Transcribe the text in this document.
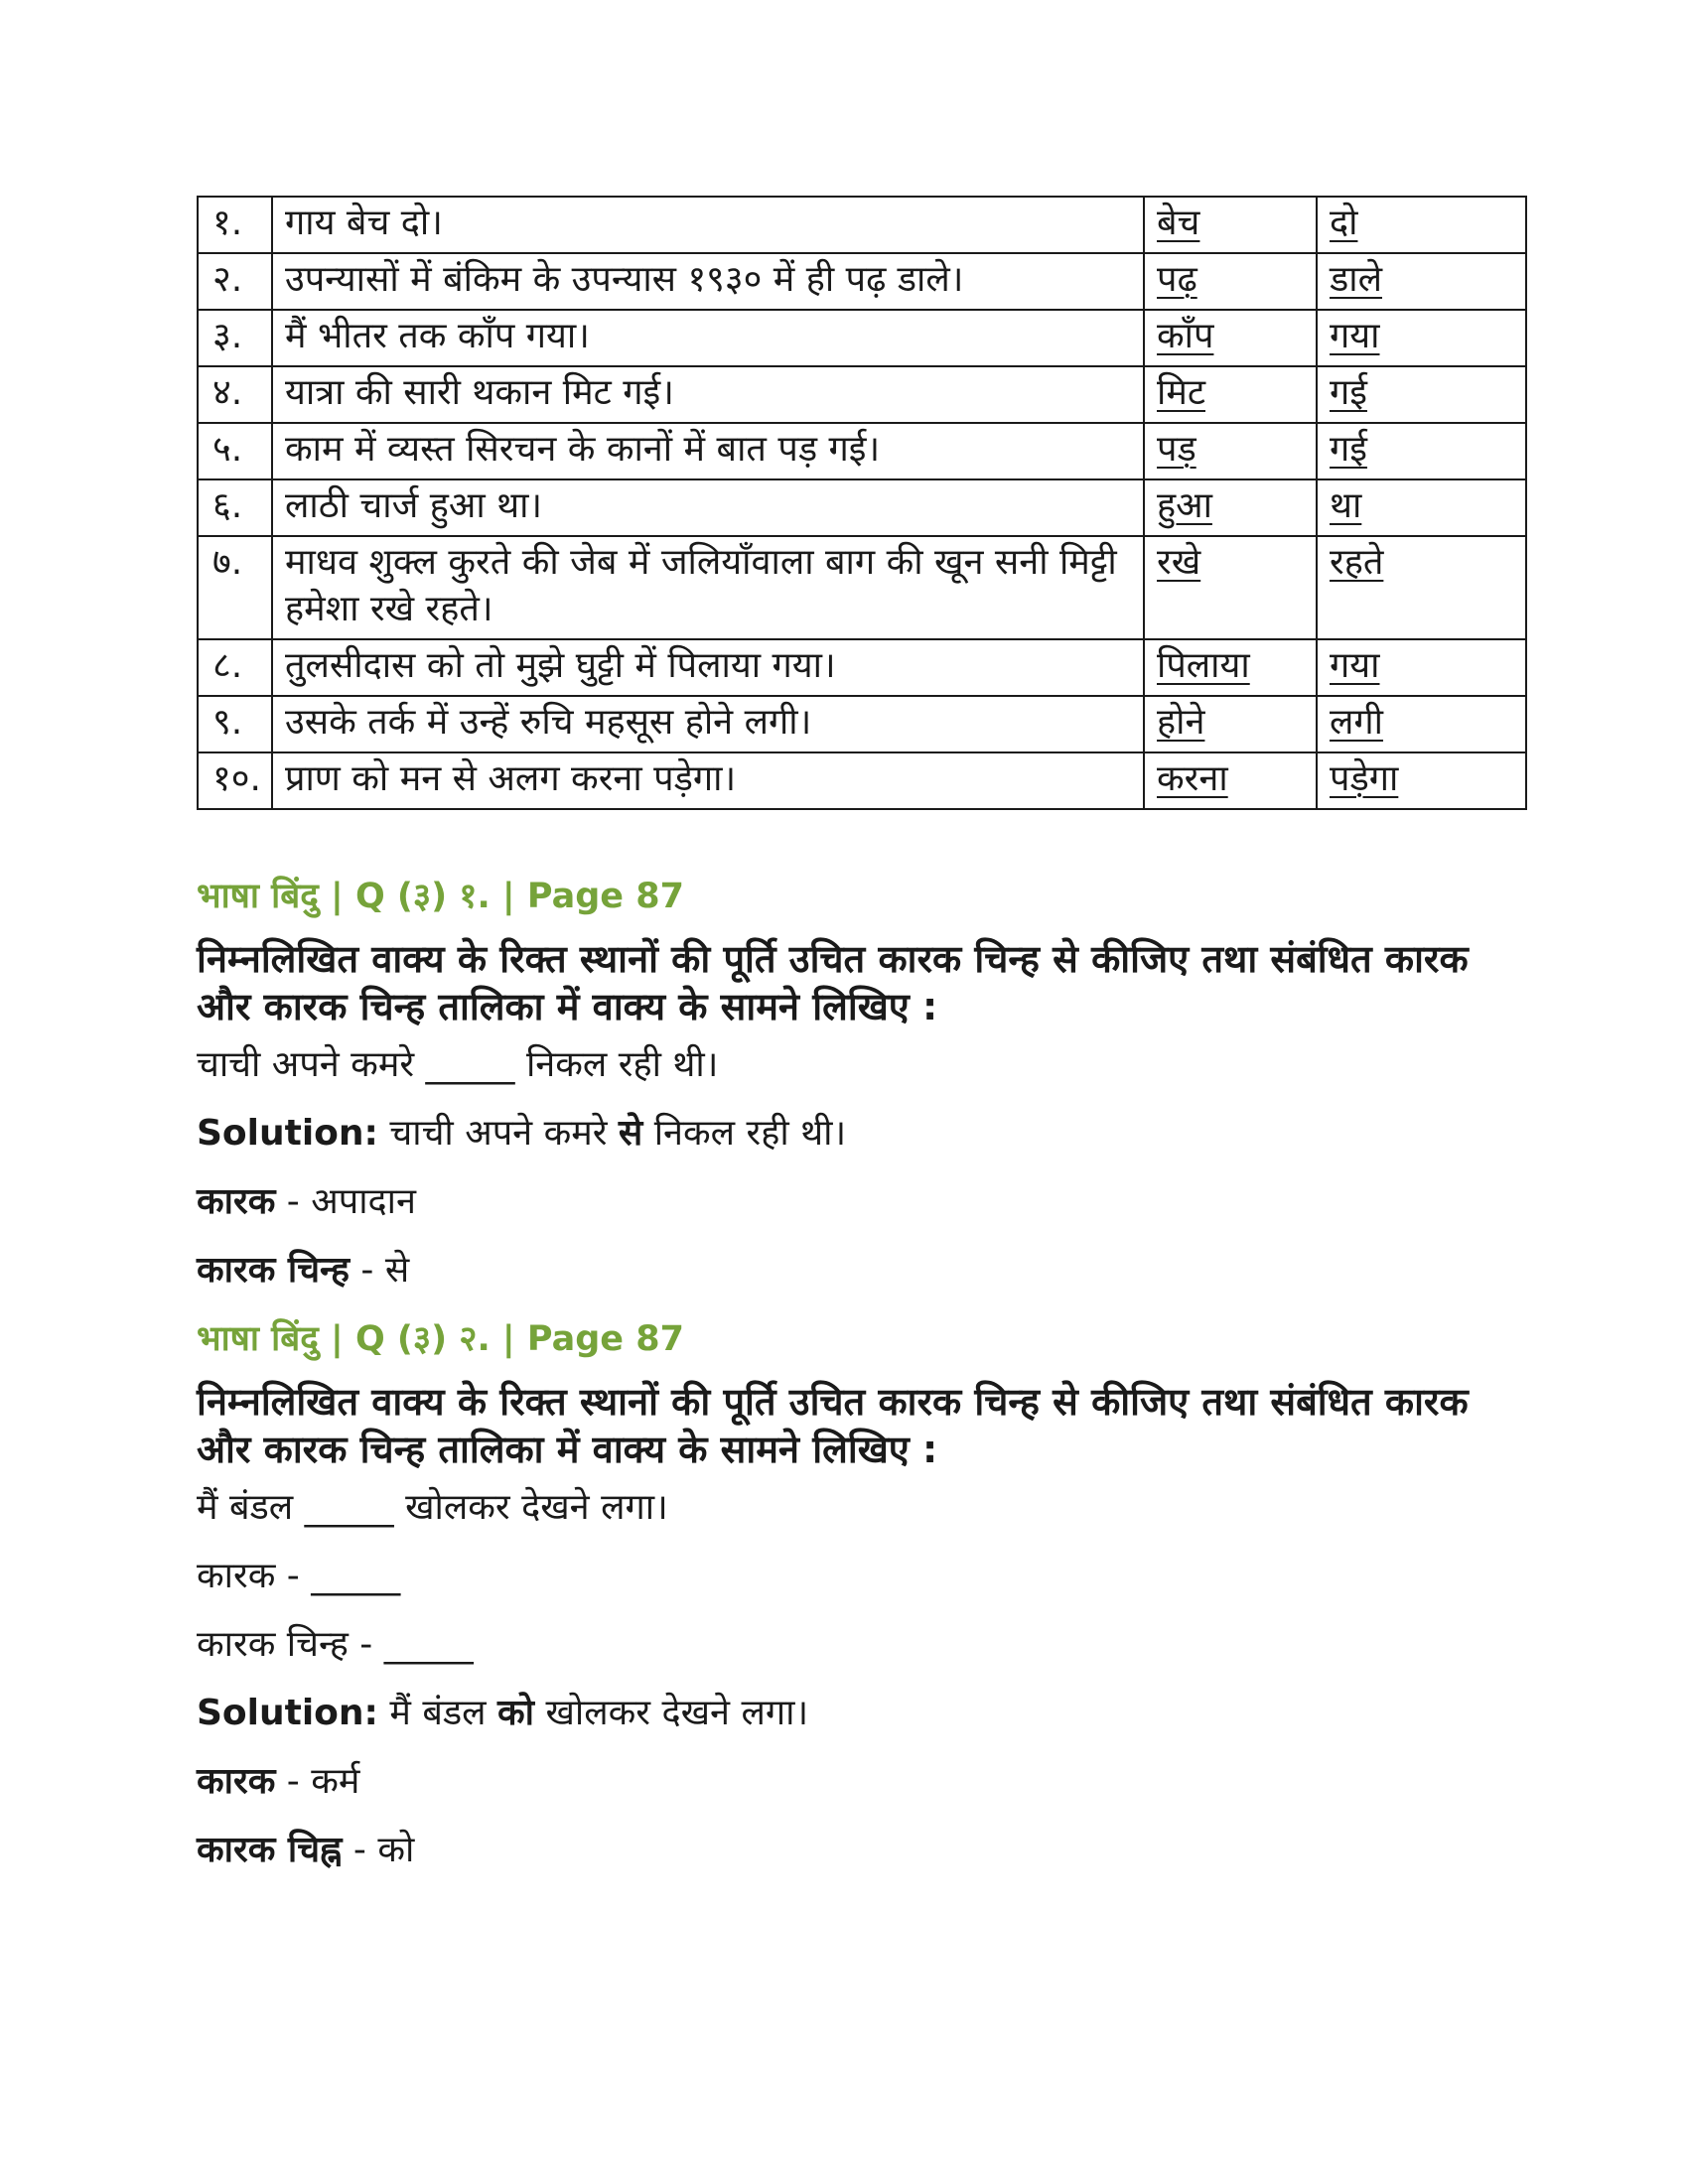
१.	गाय बेच दो।	बेच	दो
२.	उपन्यासों में बंकिम के उपन्यास १९३० में ही पढ़ डाले।	पढ़	डाले
३.	मैं भीतर तक काँप गया।	काँप	गया
४.	यात्रा की सारी थकान मिट गई।	मिट	गई
५.	काम में व्यस्त सिरचन के कानों में बात पड़ गई।	पड़	गई
६.	लाठी चार्ज हुआ था।	हुआ	था
७.	माधव शुक्ल कुरते की जेब में जलियाँवाला बाग की खून सनी मिट्टी हमेशा रखे रहते।	रखे	रहते
८.	तुलसीदास को तो मुझे घुट्टी में पिलाया गया।	पिलाया	गया
९.	उसके तर्क में उन्हें रुचि महसूस होने लगी।	होने	लगी
१०.	प्राण को मन से अलग करना पड़ेगा।	करना	पड़ेगा
भाषा बिंदु | Q (३) १. | Page 87
निम्नलिखित वाक्य के रिक्त स्थानों की पूर्ति उचित कारक चिन्ह से कीजिए तथा संबंधित कारक और कारक चिन्ह तालिका में वाक्य के सामने लिखिए :
चाची अपने कमरे _____ निकल रही थी।
Solution: चाची अपने कमरे से निकल रही थी।
कारक - अपादान
कारक चिन्ह - से
भाषा बिंदु | Q (३) २. | Page 87
निम्नलिखित वाक्य के रिक्त स्थानों की पूर्ति उचित कारक चिन्ह से कीजिए तथा संबंधित कारक और कारक चिन्ह तालिका में वाक्य के सामने लिखिए :
मैं बंडल _____ खोलकर देखने लगा।
कारक - _____
कारक चिन्ह - _____
Solution: मैं बंडल को खोलकर देखने लगा।
कारक - कर्म
कारक चिह्न - को
